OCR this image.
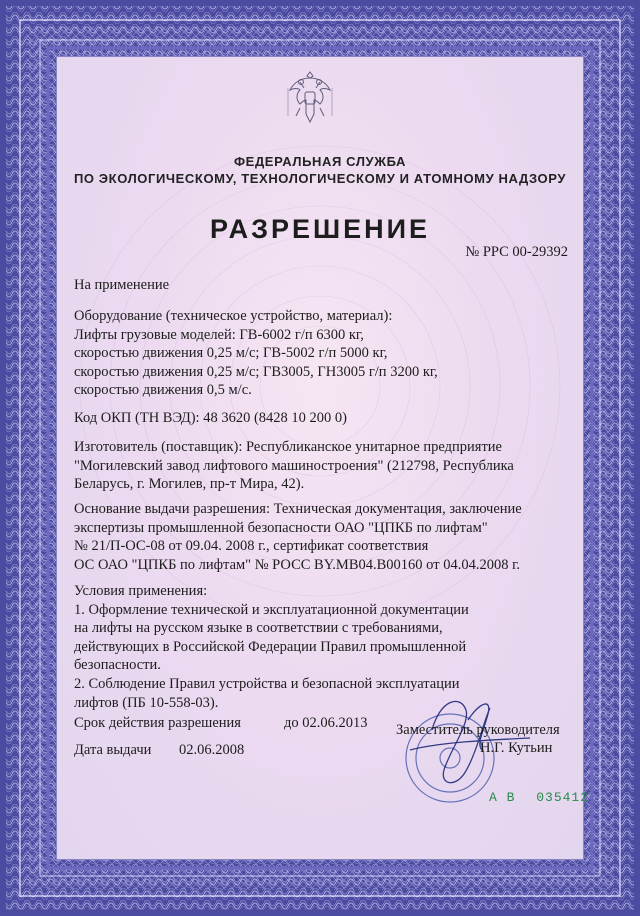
ФЕДЕРАЛЬНАЯ СЛУЖБА
ПО ЭКОЛОГИЧЕСКОМУ, ТЕХНОЛОГИЧЕСКОМУ И АТОМНОМУ НАДЗОРУ
РАЗРЕШЕНИЕ
№ РРС 00-29392
На применение
Оборудование (техническое устройство, материал):
Лифты грузовые моделей: ГВ-6002 г/п 6300 кг,
скоростью движения 0,25 м/с; ГВ-5002 г/п 5000 кг,
скоростью движения 0,25 м/с; ГВ3005, ГН3005 г/п 3200 кг,
скоростью движения 0,5 м/с.
Код ОКП (ТН ВЭД): 48 3620 (8428 10 200 0)
Изготовитель (поставщик): Республиканское унитарное предприятие
"Могилевский завод лифтового машиностроения" (212798, Республика
Беларусь, г. Могилев, пр-т Мира, 42).
Основание выдачи разрешения: Техническая документация, заключение
экспертизы промышленной безопасности ОАО "ЦПКБ по лифтам"
№ 21/П-ОС-08 от 09.04. 2008 г., сертификат соответствия
ОС ОАО "ЦПКБ по лифтам" № РОСС BY.МВ04.В00160 от 04.04.2008 г.
Условия применения:
1. Оформление технической и эксплуатационной документации
на лифты на русском языке в соответствии с требованиями,
действующих в Российской Федерации Правил промышленной
безопасности.
2. Соблюдение Правил устройства и безопасной эксплуатации
лифтов (ПБ 10-558-03).
Срок действия разрешения	до 02.06.2013 Заместитель руководителя
Н.Г. Кутьин
Дата выдачи 02.06.2008
А В 035412
